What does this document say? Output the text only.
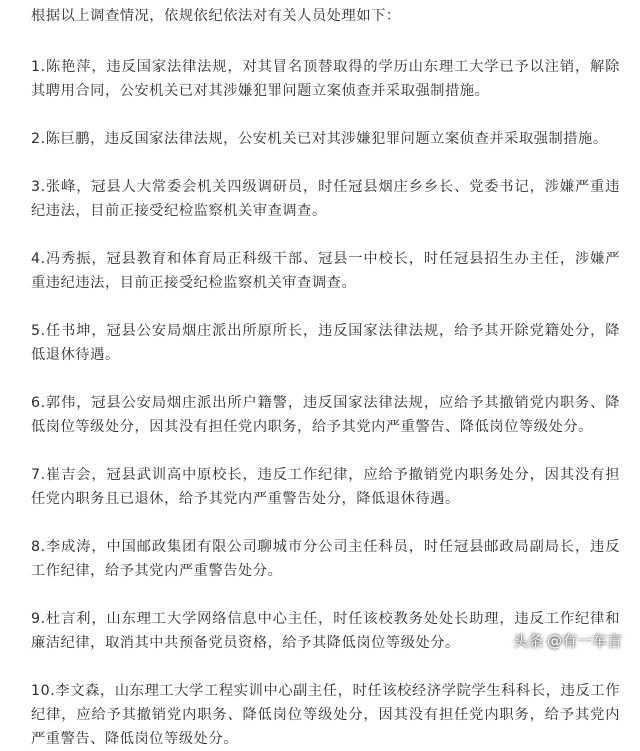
根据以上调查情况，依规依纪依法对有关人员处理如下：

1.陈艳萍，违反国家法律法规，对其冒名顶替取得的学历山东理工大学已予以注销，解除其聘用合同，公安机关已对其涉嫌犯罪问题立案侦查并采取强制措施。

2.陈巨鹏，违反国家法律法规，公安机关已对其涉嫌犯罪问题立案侦查并采取强制措施。

3.张峰，冠县人大常委会机关四级调研员，时任冠县烟庄乡乡长、党委书记，涉嫌严重违纪违法，目前正接受纪检监察机关审查调查。

4.冯秀振，冠县教育和体育局正科级干部、冠县一中校长，时任冠县招生办主任，涉嫌严重违纪违法，目前正接受纪检监察机关审查调查。

5.任书坤，冠县公安局烟庄派出所原所长，违反国家法律法规，给予其开除党籍处分，降低退休待遇。

6.郭伟，冠县公安局烟庄派出所户籍警，违反国家法律法规，应给予其撤销党内职务、降低岗位等级处分，因其没有担任党内职务，给予其党内严重警告、降低岗位等级处分。

7.崔吉会，冠县武训高中原校长，违反工作纪律，应给予撤销党内职务处分，因其没有担任党内职务且已退休，给予其党内严重警告处分，降低退休待遇。

8.李成涛，中国邮政集团有限公司聊城市分公司主任科员，时任冠县邮政局副局长，违反工作纪律，给予其党内严重警告处分。

9.杜言利，山东理工大学网络信息中心主任，时任该校教务处处长助理，违反工作纪律和廉洁纪律，取消其中共预备党员资格，给予其降低岗位等级处分。

10.李文森，山东理工大学工程实训中心副主任，时任该校经济学院学生科科长，违反工作纪律，应给予其撤销党内职务、降低岗位等级处分，因其没有担任党内职务，给予其党内严重警告、降低岗位等级处分。

头条 @有一车言
